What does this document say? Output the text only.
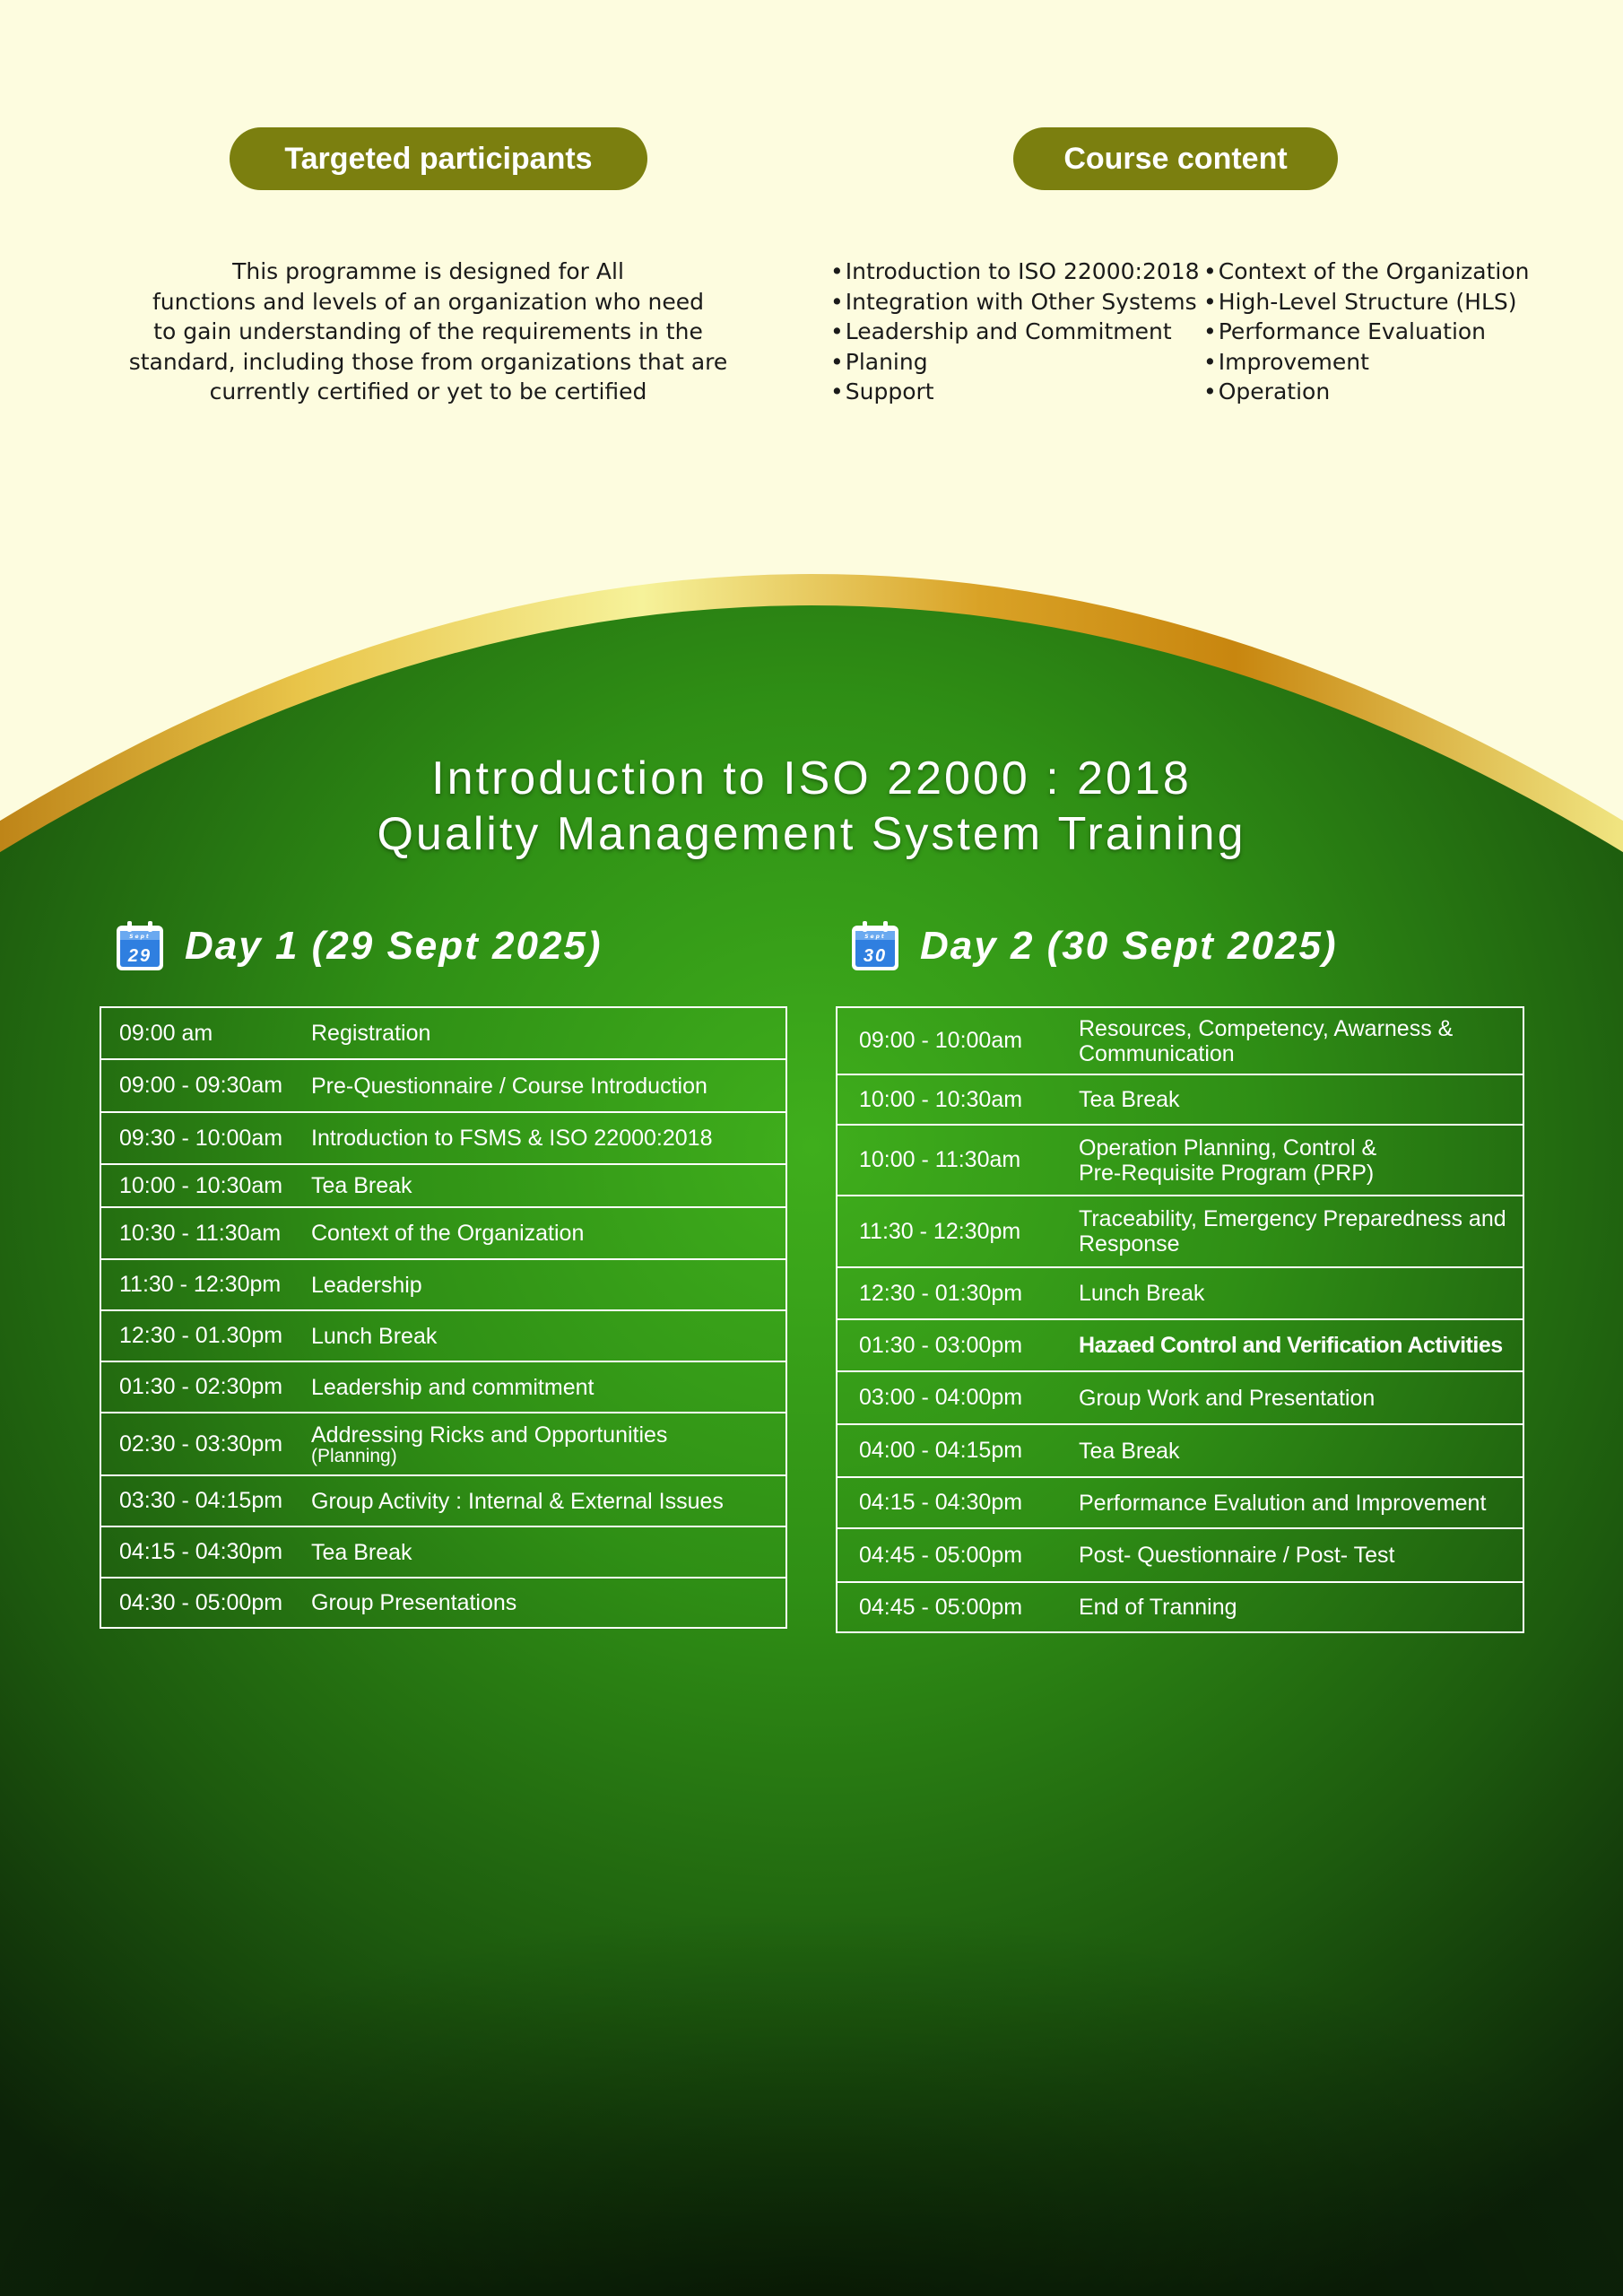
Targeted participants	Course content
This programme is designed for All
functions and levels of an organization who need
to gain understanding of the requirements in the
standard, including those from organizations that are
currently certified or yet to be certified
• Introduction to ISO 22000:2018
• Integration with Other Systems
• Leadership and Commitment
• Planing
• Support
• Context of the Organization
• High-Level Structure (HLS)
• Performance Evaluation
• Improvement
• Operation
Introduction to ISO 22000 : 2018
Quality Management System Training
Sept
29 Day 1 (29 Sept 2025)	Sept
30 Day 2 (30 Sept 2025)
09:00 am	Registration

09:00 - 09:30am	Pre-Questionnaire / Course Introduction

09:30 - 10:00am	Introduction to FSMS & ISO 22000:2018

10:00 - 10:30am	Tea Break

10:30 - 11:30am	Context of the Organization

11:30 - 12:30pm	Leadership

12:30 - 01.30pm	Lunch Break

01:30 - 02:30pm	Leadership and commitment

02:30 - 03:30pm	Addressing Ricks and Opportunities
(Planning)

03:30 - 04:15pm	Group Activity : Internal & External Issues

04:15 - 04:30pm	Tea Break

04:30 - 05:00pm	Group Presentations
09:00 - 10:00am	Resources, Competency, Awarness &
Communication

10:00 - 10:30am	Tea Break

10:00 - 11:30am	Operation Planning, Control &
Pre-Requisite Program (PRP)

11:30 - 12:30pm	Traceability, Emergency Preparedness and
Response

12:30 - 01:30pm	Lunch Break

01:30 - 03:00pm	Hazaed Control and Verification Activities

03:00 - 04:00pm	Group Work and Presentation

04:00 - 04:15pm	Tea Break

04:15 - 04:30pm	Performance Evalution and Improvement

04:45 - 05:00pm	Post- Questionnaire / Post- Test

04:45 - 05:00pm	End of Tranning
